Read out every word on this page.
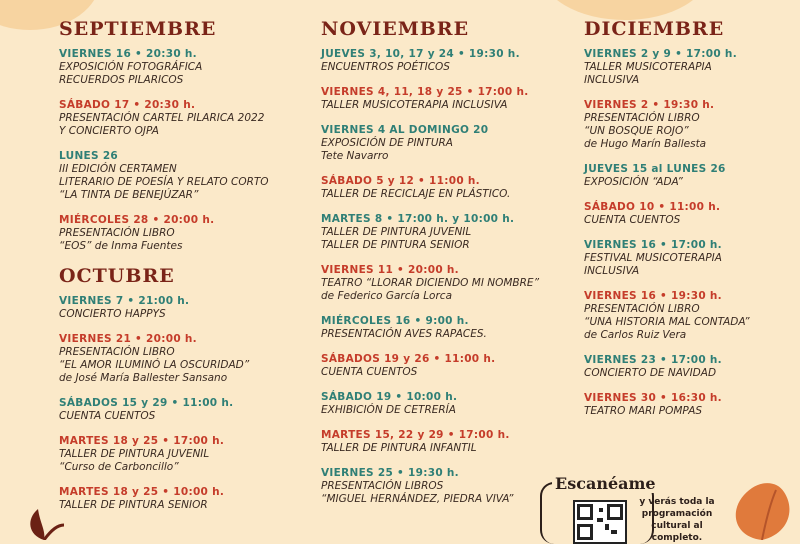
SEPTIEMBRE
VIERNES 16 • 20:30 h.
EXPOSICIÓN FOTOGRÁFICA
RECUERDOS PILARICOS
SÁBADO 17 • 20:30 h.
PRESENTACIÓN CARTEL PILARICA 2022
Y CONCIERTO OJPA
LUNES 26
III EDICIÓN CERTAMEN
LITERARIO DE POESÍA Y RELATO CORTO
“LA TINTA DE BENEJÚZAR”
MIÉRCOLES 28 • 20:00 h.
PRESENTACIÓN LIBRO
“EOS” de Inma Fuentes
OCTUBRE
VIERNES 7 • 21:00 h.
CONCIERTO HAPPYS
VIERNES 21 • 20:00 h.
PRESENTACIÓN LIBRO
“EL AMOR ILUMINÓ LA OSCURIDAD”
de José María Ballester Sansano
SÁBADOS 15 y 29 • 11:00 h.
CUENTA CUENTOS
MARTES 18 y 25 • 17:00 h.
TALLER DE PINTURA JUVENIL
“Curso de Carboncillo”
MARTES 18 y 25 • 10:00 h.
TALLER DE PINTURA SENIOR
NOVIEMBRE
JUEVES 3, 10, 17 y 24 • 19:30 h.
ENCUENTROS POÉTICOS
VIERNES 4, 11, 18 y 25 • 17:00 h.
TALLER MUSICOTERAPIA INCLUSIVA
VIERNES 4 AL DOMINGO 20
EXPOSICIÓN DE PINTURA
Tete Navarro
SÁBADO 5 y 12 • 11:00 h.
TALLER DE RECICLAJE EN PLÁSTICO.
MARTES 8 • 17:00 h. y 10:00 h.
TALLER DE PINTURA JUVENIL
TALLER DE PINTURA SENIOR
VIERNES 11 • 20:00 h.
TEATRO “LLORAR DICIENDO MI NOMBRE”
de Federico García Lorca
MIÉRCOLES 16 • 9:00 h.
PRESENTACIÓN AVES RAPACES.
SÁBADOS 19 y 26 • 11:00 h.
CUENTA CUENTOS
SÁBADO 19 • 10:00 h.
EXHIBICIÓN DE CETRERÍA
MARTES 15, 22 y 29 • 17:00 h.
TALLER DE PINTURA INFANTIL
VIERNES 25 • 19:30 h.
PRESENTACIÓN LIBROS
“MIGUEL HERNÁNDEZ, PIEDRA VIVA”
DICIEMBRE
VIERNES 2 y 9 • 17:00 h.
TALLER MUSICOTERAPIA
INCLUSIVA
VIERNES 2 • 19:30 h.
PRESENTACIÓN LIBRO
“UN BOSQUE ROJO”
de Hugo Marín Ballesta
JUEVES 15 al LUNES 26
EXPOSICIÓN “ADA”
SÁBADO 10 • 11:00 h.
CUENTA CUENTOS
VIERNES 16 • 17:00 h.
FESTIVAL MUSICOTERAPIA
INCLUSIVA
VIERNES 16 • 19:30 h.
PRESENTACIÓN LIBRO
“UNA HISTORIA MAL CONTADA”
de Carlos Ruiz Vera
VIERNES 23 • 17:00 h.
CONCIERTO DE NAVIDAD
VIERNES 30 • 16:30 h.
TEATRO MARI POMPAS
Escanéame
y verás toda la programación cultural al completo.
